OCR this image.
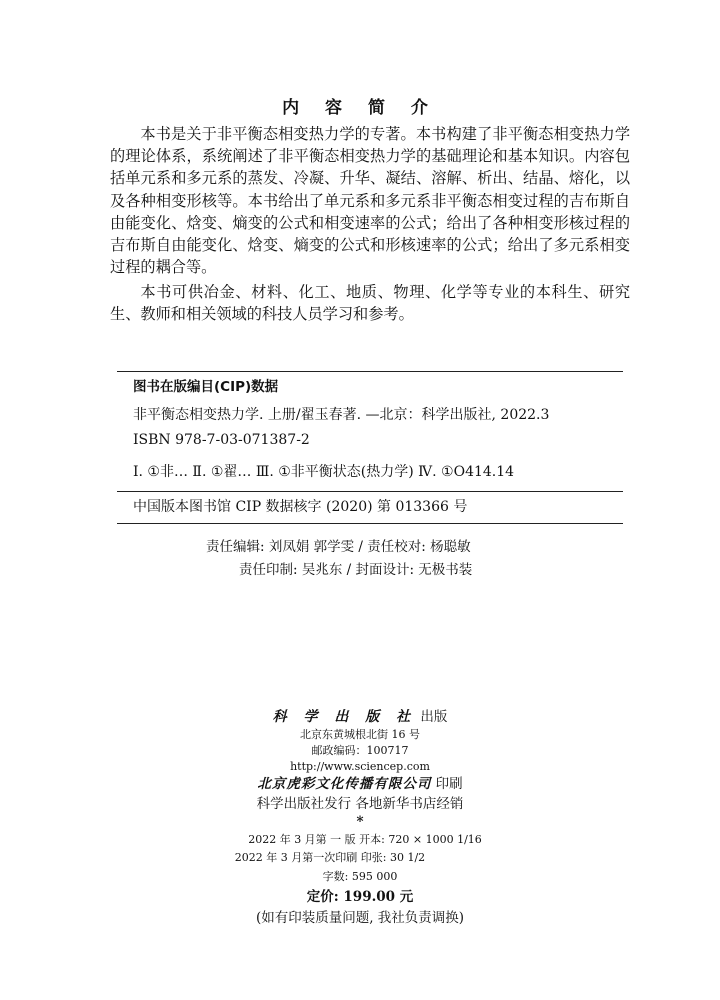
内 容 简 介

本书是关于非平衡态相变热力学的专著。本书构建了非平衡态相变热力学的理论体系，系统阐述了非平衡态相变热力学的基础理论和基本知识。内容包括单元系和多元系的蒸发、冷凝、升华、凝结、溶解、析出、结晶、熔化，以及各种相变形核等。本书给出了单元系和多元系非平衡态相变过程的吉布斯自由能变化、焓变、熵变的公式和相变速率的公式；给出了各种相变形核过程的吉布斯自由能变化、焓变、熵变的公式和形核速率的公式；给出了多元系相变过程的耦合等。

本书可供冶金、材料、化工、地质、物理、化学等专业的本科生、研究生、教师和相关领域的科技人员学习和参考。

图书在版编目(CIP)数据
非平衡态相变热力学. 上册/翟玉春著. —北京：科学出版社, 2022.3
ISBN 978-7-03-071387-2
Ⅰ. ①非… Ⅱ. ①翟… Ⅲ. ①非平衡状态(热力学) Ⅳ. ①O414.14
中国版本图书馆 CIP 数据核字 (2020) 第 013366 号
责任编辑: 刘凤娟 郭学雯 / 责任校对: 杨聪敏
责任印制: 吴兆东 / 封面设计: 无极书装
科 学 出 版 社 出版
北京东黄城根北街 16 号
邮政编码：100717
http://www.sciencep.com
北京虎彩文化传播有限公司 印刷
科学出版社发行 各地新华书店经销
*
2022 年 3 月第 一 版 开本: 720 × 1000 1/16
2022 年 3 月第一次印刷 印张: 30 1/2
字数: 595 000
定价: 199.00 元
(如有印装质量问题, 我社负责调换)
